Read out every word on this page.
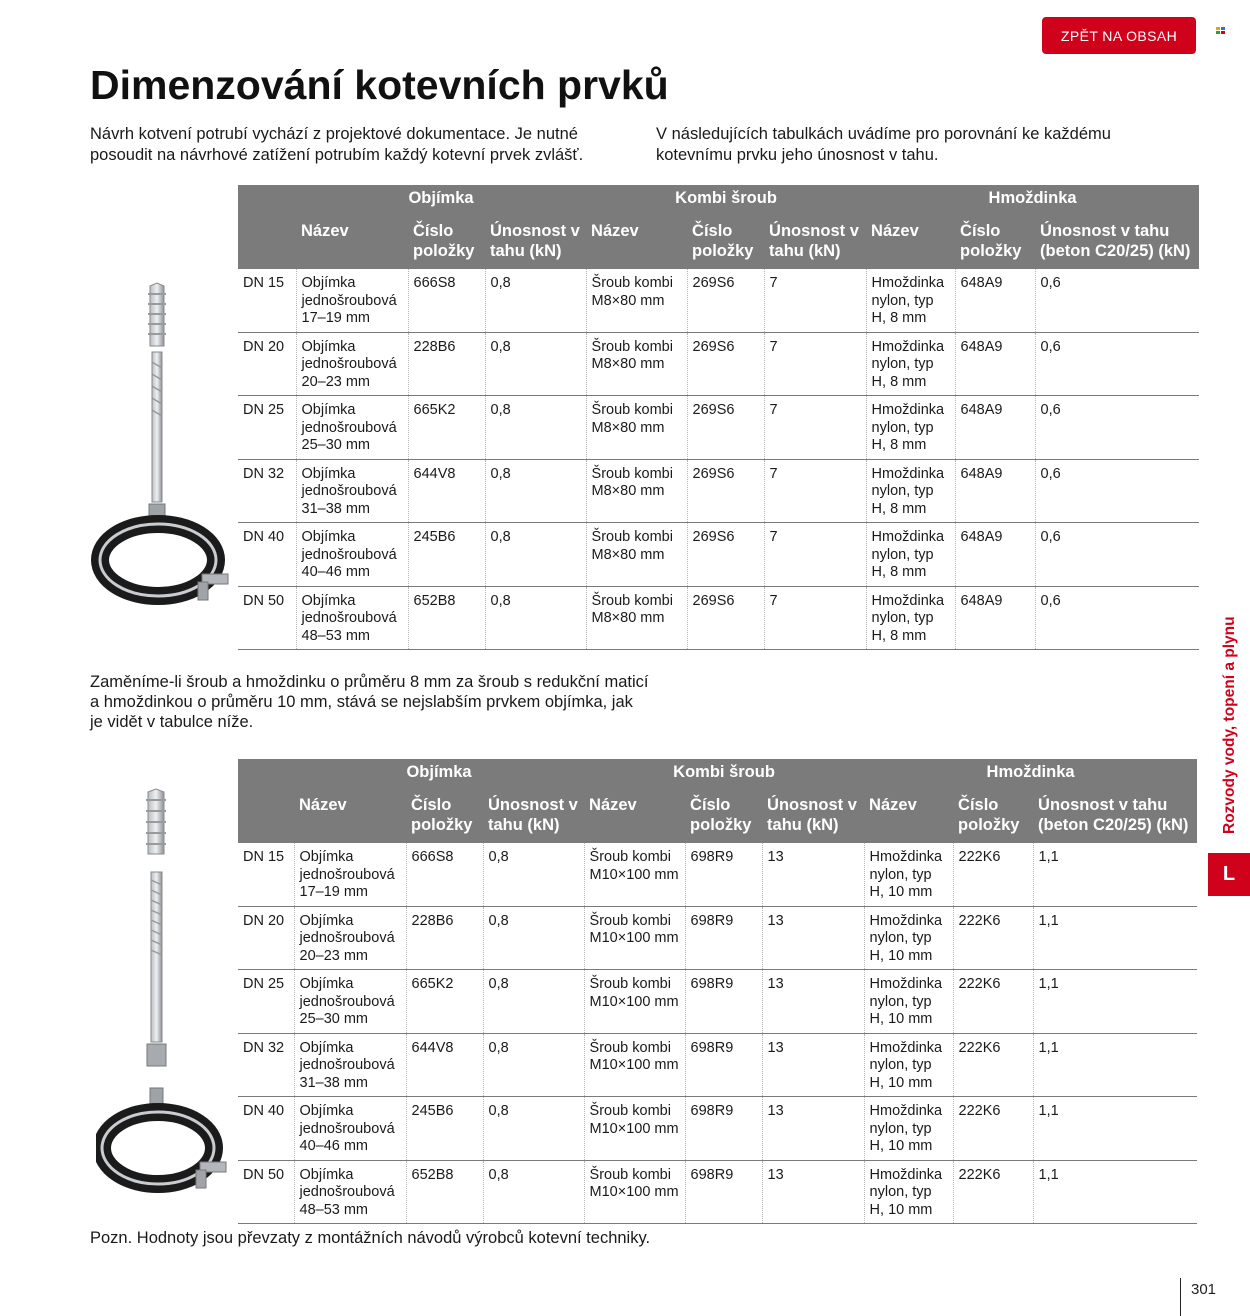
ZPĚT NA OBSAH
Dimenzování kotevních prvků

Návrh kotvení potrubí vychází z projektové dokumentace. Je nutné posoudit na návrhové zatížení potrubím každý kotevní prvek zvlášť.

V následujících tabulkách uvádíme pro porovnání ke každému kotevnímu prvku jeho únosnost v tahu.

	Objímka			Kombi šroub			Hmoždinka		
	Název	Číslo položky	Únosnost v tahu (kN)	Název	Číslo položky	Únosnost v tahu (kN)	Název	Číslo položky	Únosnost v tahu (beton C20/25) (kN)
DN 15	Objímka jednošroubová 17–19 mm	666S8	0,8	Šroub kombi M8×80 mm	269S6	7	Hmoždinka nylon, typ H, 8 mm	648A9	0,6
DN 20	Objímka jednošroubová 20–23 mm	228B6	0,8	Šroub kombi M8×80 mm	269S6	7	Hmoždinka nylon, typ H, 8 mm	648A9	0,6
DN 25	Objímka jednošroubová 25–30 mm	665K2	0,8	Šroub kombi M8×80 mm	269S6	7	Hmoždinka nylon, typ H, 8 mm	648A9	0,6
DN 32	Objímka jednošroubová 31–38 mm	644V8	0,8	Šroub kombi M8×80 mm	269S6	7	Hmoždinka nylon, typ H, 8 mm	648A9	0,6
DN 40	Objímka jednošroubová 40–46 mm	245B6	0,8	Šroub kombi M8×80 mm	269S6	7	Hmoždinka nylon, typ H, 8 mm	648A9	0,6
DN 50	Objímka jednošroubová 48–53 mm	652B8	0,8	Šroub kombi M8×80 mm	269S6	7	Hmoždinka nylon, typ H, 8 mm	648A9	0,6

Zaměníme-li šroub a hmoždinku o průměru 8 mm za šroub s redukční maticí a hmoždinkou o průměru 10 mm, stává se nejslabším prvkem objímka, jak je vidět v tabulce níže.

	Objímka			Kombi šroub			Hmoždinka		
	Název	Číslo položky	Únosnost v tahu (kN)	Název	Číslo položky	Únosnost v tahu (kN)	Název	Číslo položky	Únosnost v tahu (beton C20/25) (kN)
DN 15	Objímka jednošroubová 17–19 mm	666S8	0,8	Šroub kombi M10×100 mm	698R9	13	Hmoždinka nylon, typ H, 10 mm	222K6	1,1
DN 20	Objímka jednošroubová 20–23 mm	228B6	0,8	Šroub kombi M10×100 mm	698R9	13	Hmoždinka nylon, typ H, 10 mm	222K6	1,1
DN 25	Objímka jednošroubová 25–30 mm	665K2	0,8	Šroub kombi M10×100 mm	698R9	13	Hmoždinka nylon, typ H, 10 mm	222K6	1,1
DN 32	Objímka jednošroubová 31–38 mm	644V8	0,8	Šroub kombi M10×100 mm	698R9	13	Hmoždinka nylon, typ H, 10 mm	222K6	1,1
DN 40	Objímka jednošroubová 40–46 mm	245B6	0,8	Šroub kombi M10×100 mm	698R9	13	Hmoždinka nylon, typ H, 10 mm	222K6	1,1
DN 50	Objímka jednošroubová 48–53 mm	652B8	0,8	Šroub kombi M10×100 mm	698R9	13	Hmoždinka nylon, typ H, 10 mm	222K6	1,1

Pozn. Hodnoty jsou převzaty z montážních návodů výrobců kotevní techniky.

Rozvody vody, topení a plynu
L
301
